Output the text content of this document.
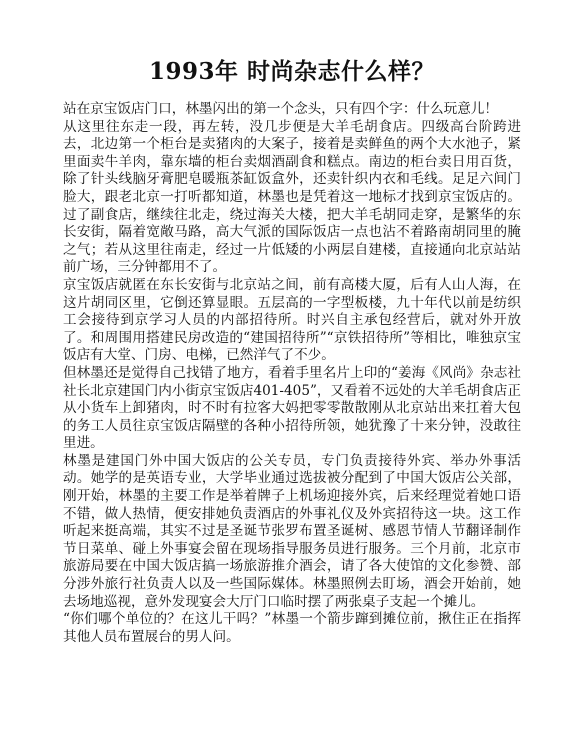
1993年 时尚杂志什么样？

站在京宝饭店门口，林墨闪出的第一个念头，只有四个字：什么玩意儿！

从这里往东走一段，再左转，没几步便是大羊毛胡食店。四级高台阶跨进去，北边第一个柜台是卖猪肉的大案子，接着是卖鲜鱼的两个大水池子，紧里面卖牛羊肉，靠东墙的柜台卖烟酒副食和糕点。南边的柜台卖日用百货，除了针头线脑牙膏肥皂暖瓶茶缸饭盒外，还卖针织内衣和毛线。足足六间门脸大，跟老北京一打听都知道，林墨也是凭着这一地标才找到京宝饭店的。过了副食店，继续往北走，绕过海关大楼，把大羊毛胡同走穿，是繁华的东长安街，隔着宽敞马路，高大气派的国际饭店一点也沾不着路南胡同里的腌之气；若从这里往南走，经过一片低矮的小两层自建楼，直接通向北京站站前广场，三分钟都用不了。

京宝饭店就匿在东长安街与北京站之间，前有高楼大厦，后有人山人海，在这片胡同区里，它倒还算显眼。五层高的一字型板楼，九十年代以前是纺织工会接待到京学习人员的内部招待所。时兴自主承包经营后，就对外开放了。和周围用搭建民房改造的“建国招待所”“京铁招待所”等相比，唯独京宝饭店有大堂、门房、电梯，已然洋气了不少。

但林墨还是觉得自己找错了地方，看着手里名片上印的“姜海《风尚》杂志社社长北京建国门内小街京宝饭店401-405”，又看着不远处的大羊毛胡食店正从小货车上卸猪肉，时不时有拉客大妈把零零散散刚从北京站出来扛着大包的务工人员往京宝饭店隔壁的各种小招待所领，她犹豫了十来分钟，没敢往里进。

林墨是建国门外中国大饭店的公关专员，专门负责接待外宾、举办外事活动。她学的是英语专业，大学毕业通过选拔被分配到了中国大饭店公关部，刚开始，林墨的主要工作是举着牌子上机场迎接外宾，后来经理觉着她口语不错，做人热情，便安排她负责酒店的外事礼仪及外宾招待这一块。这工作听起来挺高端，其实不过是圣诞节张罗布置圣诞树、感恩节情人节翻译制作节日菜单、碰上外事宴会留在现场指导服务员进行服务。三个月前，北京市旅游局要在中国大饭店搞一场旅游推介酒会，请了各大使馆的文化参赞、部分涉外旅行社负责人以及一些国际媒体。林墨照例去盯场，酒会开始前，她去场地巡视，意外发现宴会大厅门口临时摆了两张桌子支起一个摊儿。

“你们哪个单位的？在这儿干吗？”林墨一个箭步蹿到摊位前，揪住正在指挥其他人员布置展台的男人问。
